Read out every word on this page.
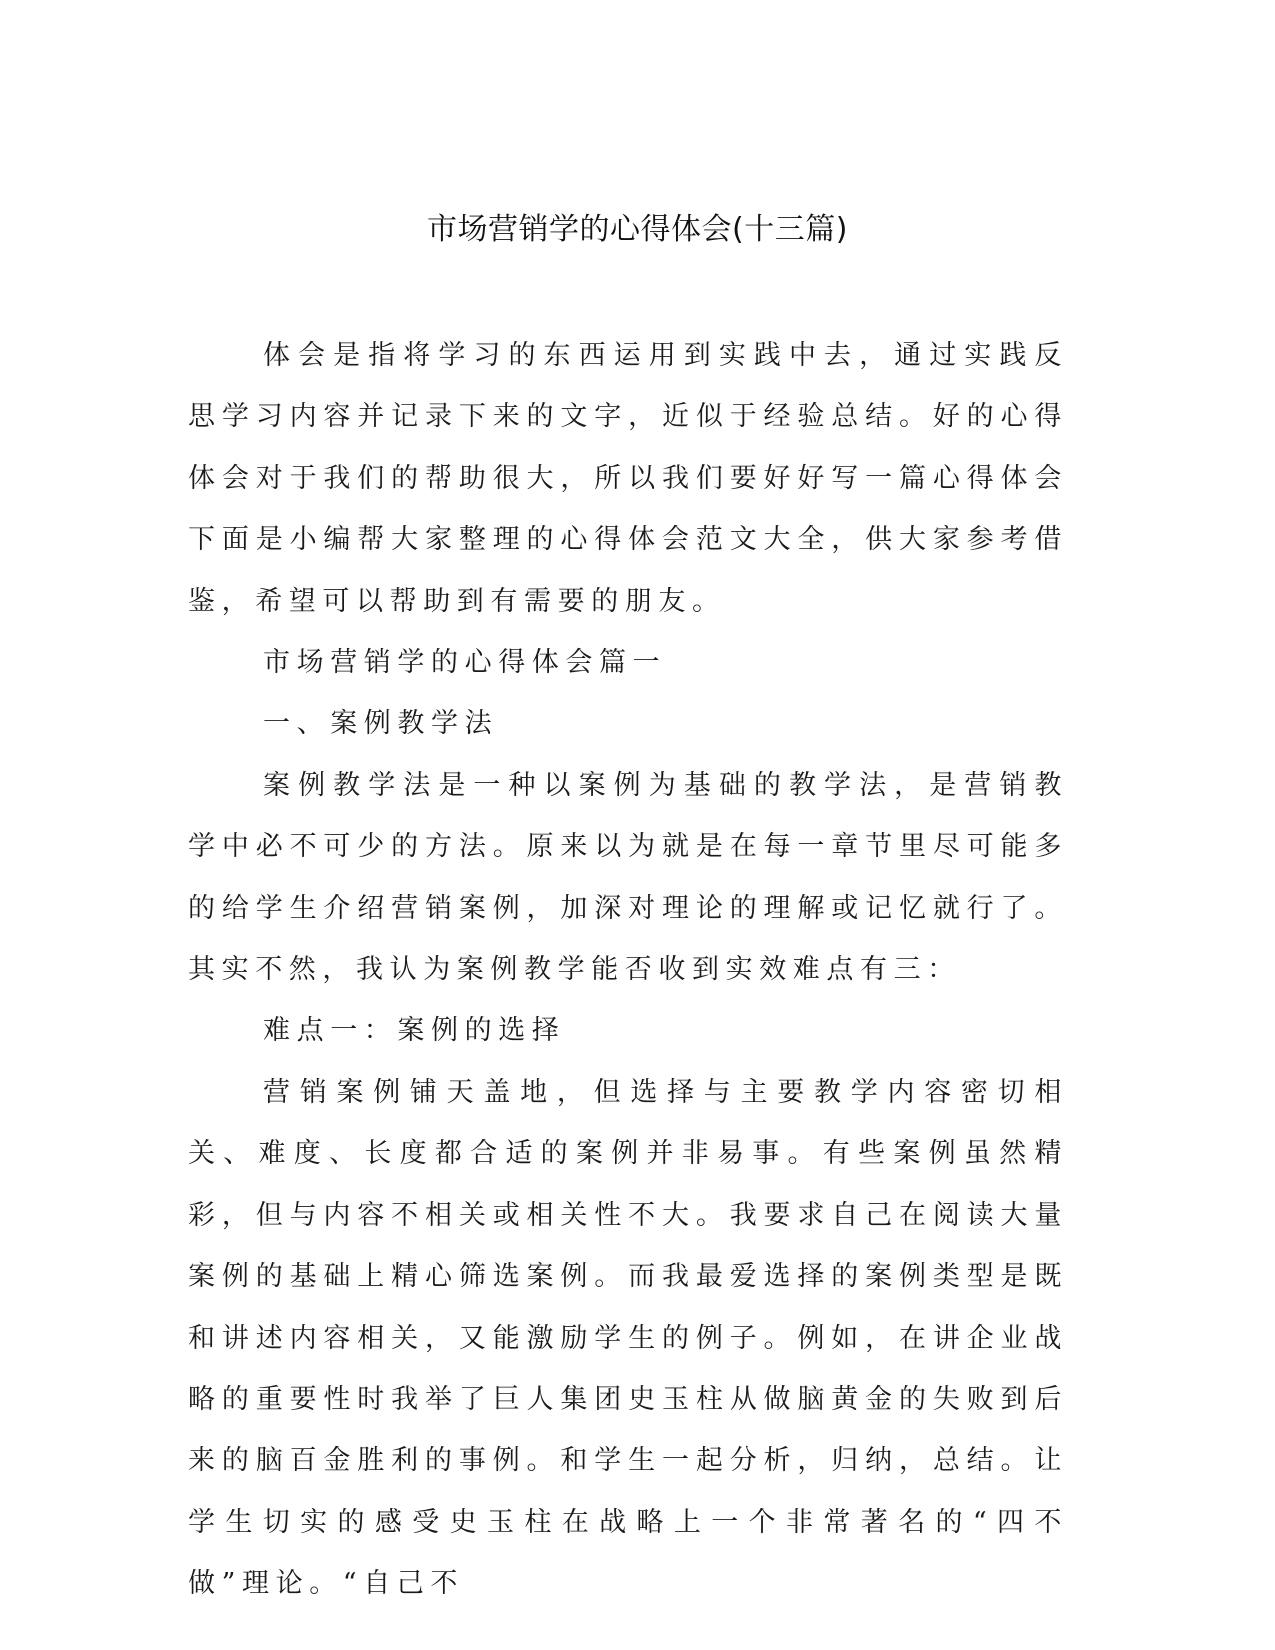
市场营销学的心得体会(十三篇)

体会是指将学习的东西运用到实践中去，通过实践反思学习内容并记录下来的文字，近似于经验总结。好的心得体会对于我们的帮助很大，所以我们要好好写一篇心得体会下面是小编帮大家整理的心得体会范文大全，供大家参考借鉴，希望可以帮助到有需要的朋友。

市场营销学的心得体会篇一

一、案例教学法

案例教学法是一种以案例为基础的教学法，是营销教学中必不可少的方法。原来以为就是在每一章节里尽可能多的给学生介绍营销案例，加深对理论的理解或记忆就行了。其实不然，我认为案例教学能否收到实效难点有三：

难点一：案例的选择

营销案例铺天盖地，但选择与主要教学内容密切相关、难度、长度都合适的案例并非易事。有些案例虽然精彩，但与内容不相关或相关性不大。我要求自己在阅读大量案例的基础上精心筛选案例。而我最爱选择的案例类型是既和讲述内容相关，又能激励学生的例子。例如，在讲企业战略的重要性时我举了巨人集团史玉柱从做脑黄金的失败到后来的脑百金胜利的事例。和学生一起分析，归纳，总结。让学生切实的感受史玉柱在战略上一个非常著名的“四不做”理论。“自己不
